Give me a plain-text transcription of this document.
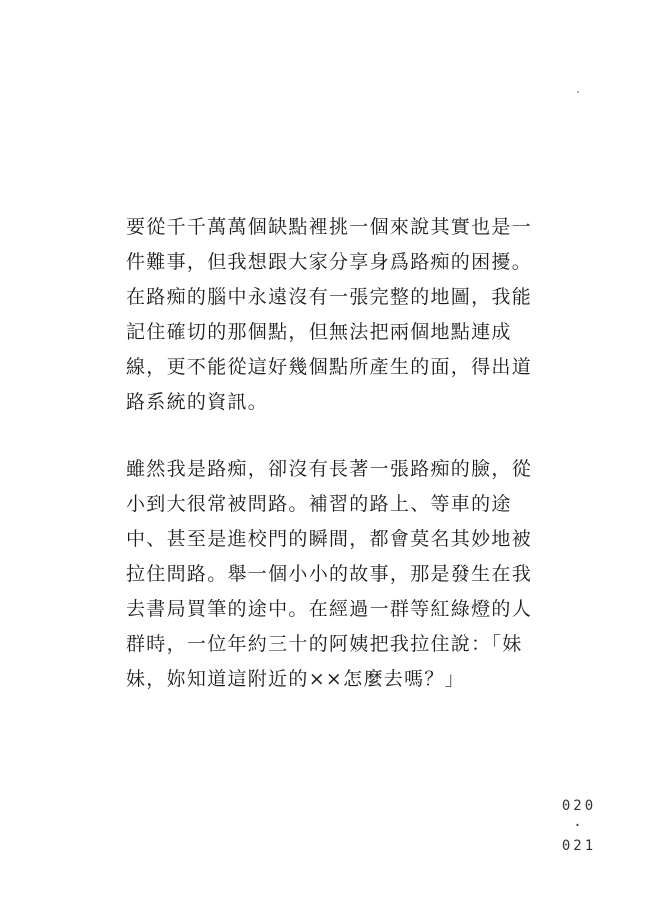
要從千千萬萬個缺點裡挑一個來說其實也是一
件難事，但我想跟大家分享身爲路痴的困擾。
在路痴的腦中永遠沒有一張完整的地圖，我能
記住確切的那個點，但無法把兩個地點連成
線，更不能從這好幾個點所產生的面，得出道
路系統的資訊。
雖然我是路痴，卻沒有長著一張路痴的臉，從
小到大很常被問路。補習的路上、等車的途
中、甚至是進校門的瞬間，都會莫名其妙地被
拉住問路。舉一個小小的故事，那是發生在我
去書局買筆的途中。在經過一群等紅綠燈的人
群時，一位年約三十的阿姨把我拉住說：「妹
妹，妳知道這附近的××怎麼去嗎？」
020
·
021
